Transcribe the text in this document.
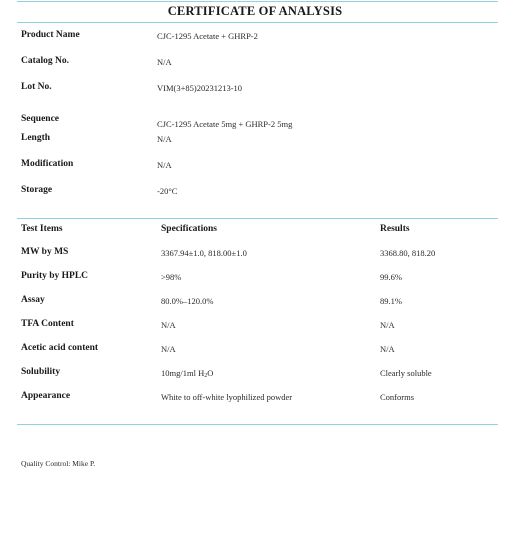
CERTIFICATE OF ANALYSIS
Product Name	CJC-1295 Acetate + GHRP-2
Catalog No.	N/A
Lot No.	VIM(3+85)20231213-10
Sequence	CJC-1295 Acetate 5mg + GHRP-2 5mg
Length	N/A
Modification	N/A
Storage	-20°C
Test Items	Specifications	Results
MW by MS	3367.94±1.0, 818.00±1.0	3368.80, 818.20
Purity by HPLC	>98%	99.6%
Assay	80.0%–120.0%	89.1%
TFA Content	N/A	N/A
Acetic acid content	N/A	N/A
Solubility	10mg/1ml $H_2O$	Clearly soluble
Appearance	White to off-white lyophilized powder	Conforms
Quality Control: Mike P.
